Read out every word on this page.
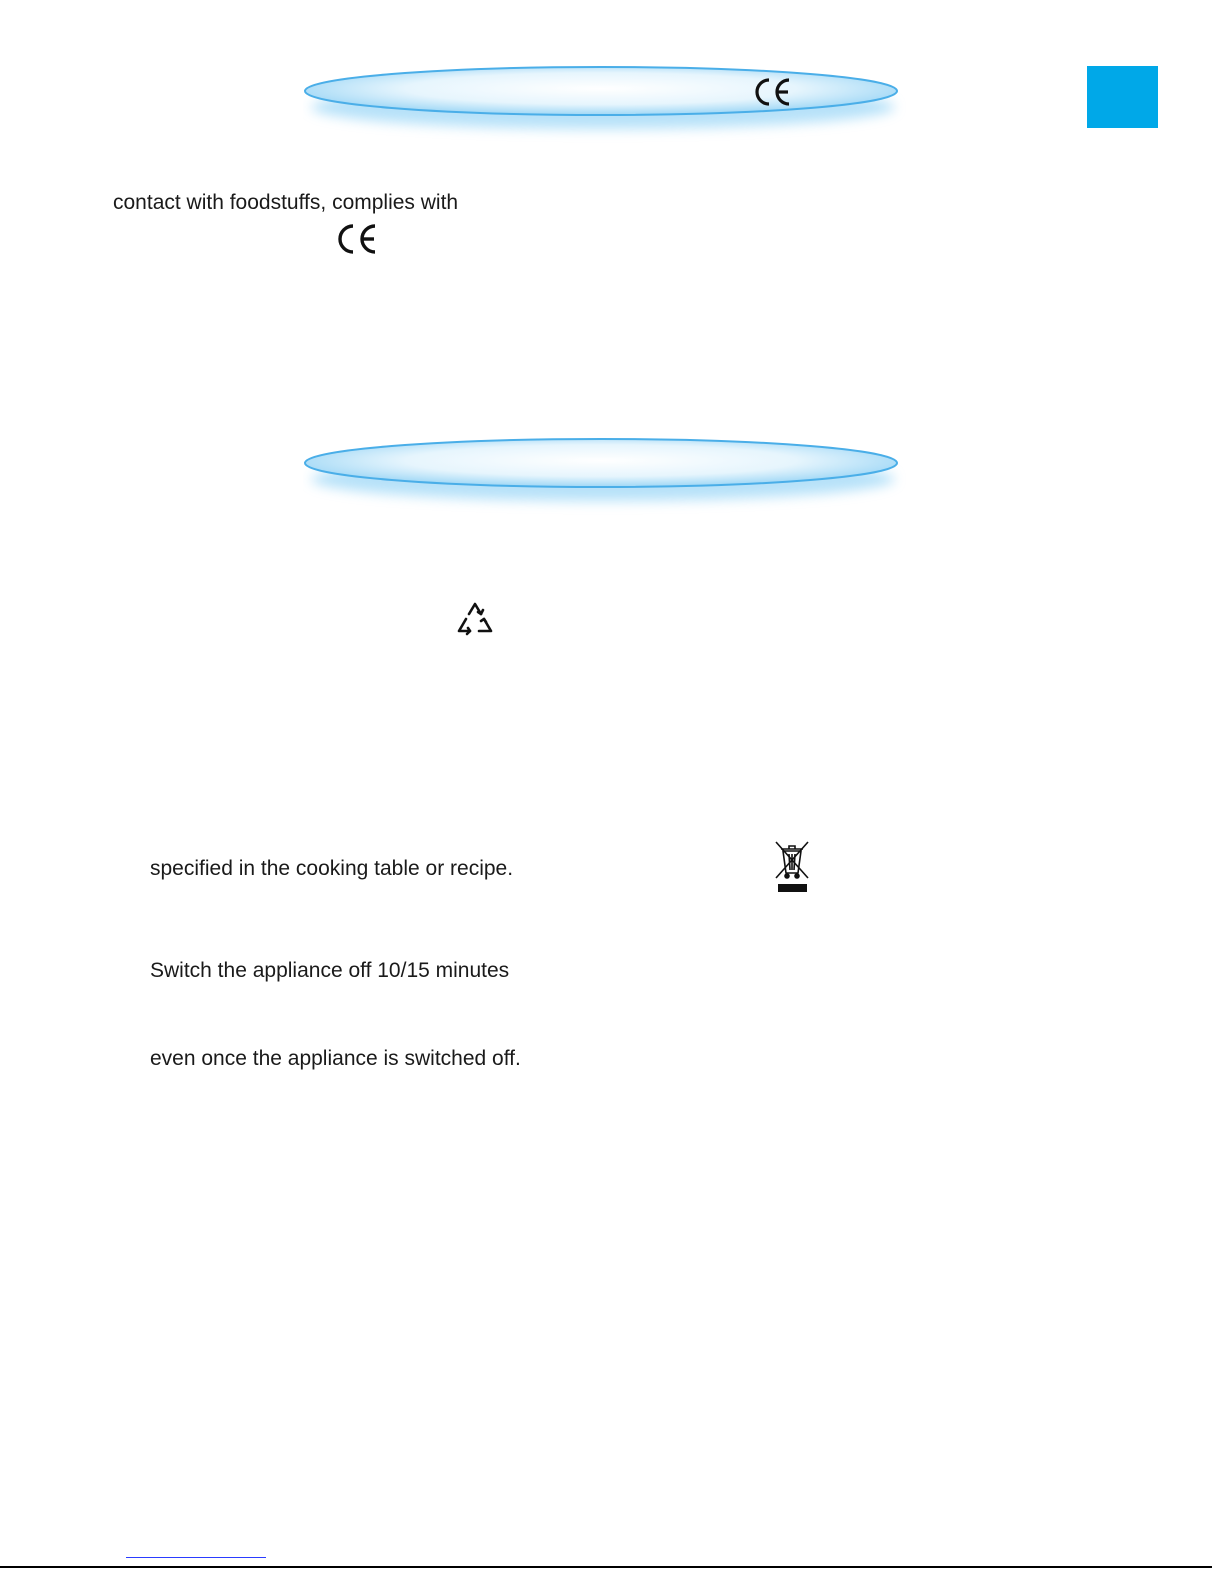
contact with foodstuffs, complies with
specified in the cooking table or recipe.
Switch the appliance off 10/15 minutes
even once the appliance is switched off.
